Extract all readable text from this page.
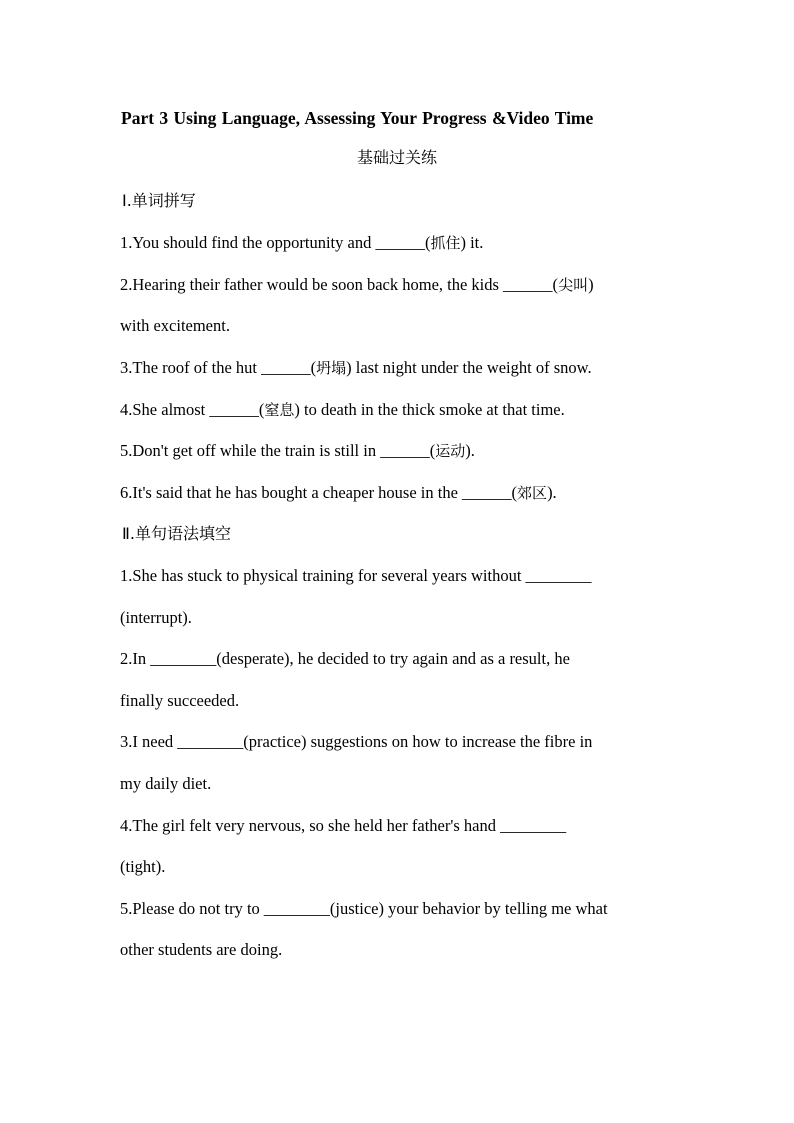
Part 3 Using Language, Assessing Your Progress &Video Time
基础过关练
Ⅰ.单词拼写
1.You should find the opportunity and ______(抓住) it.
2.Hearing their father would be soon back home, the kids ______(尖叫)
with excitement.
3.The roof of the hut ______(坍塌) last night under the weight of snow.
4.She almost ______(窒息) to death in the thick smoke at that time.
5.Don't get off while the train is still in ______(运动).
6.It's said that he has bought a cheaper house in the ______(郊区).
Ⅱ.单句语法填空
1.She has stuck to physical training for several years without ________
(interrupt).
2.In ________(desperate), he decided to try again and as a result, he
finally succeeded.
3.I need ________(practice) suggestions on how to increase the fibre in
my daily diet.
4.The girl felt very nervous, so she held her father's hand ________
(tight).
5.Please do not try to ________(justice) your behavior by telling me what
other students are doing.
